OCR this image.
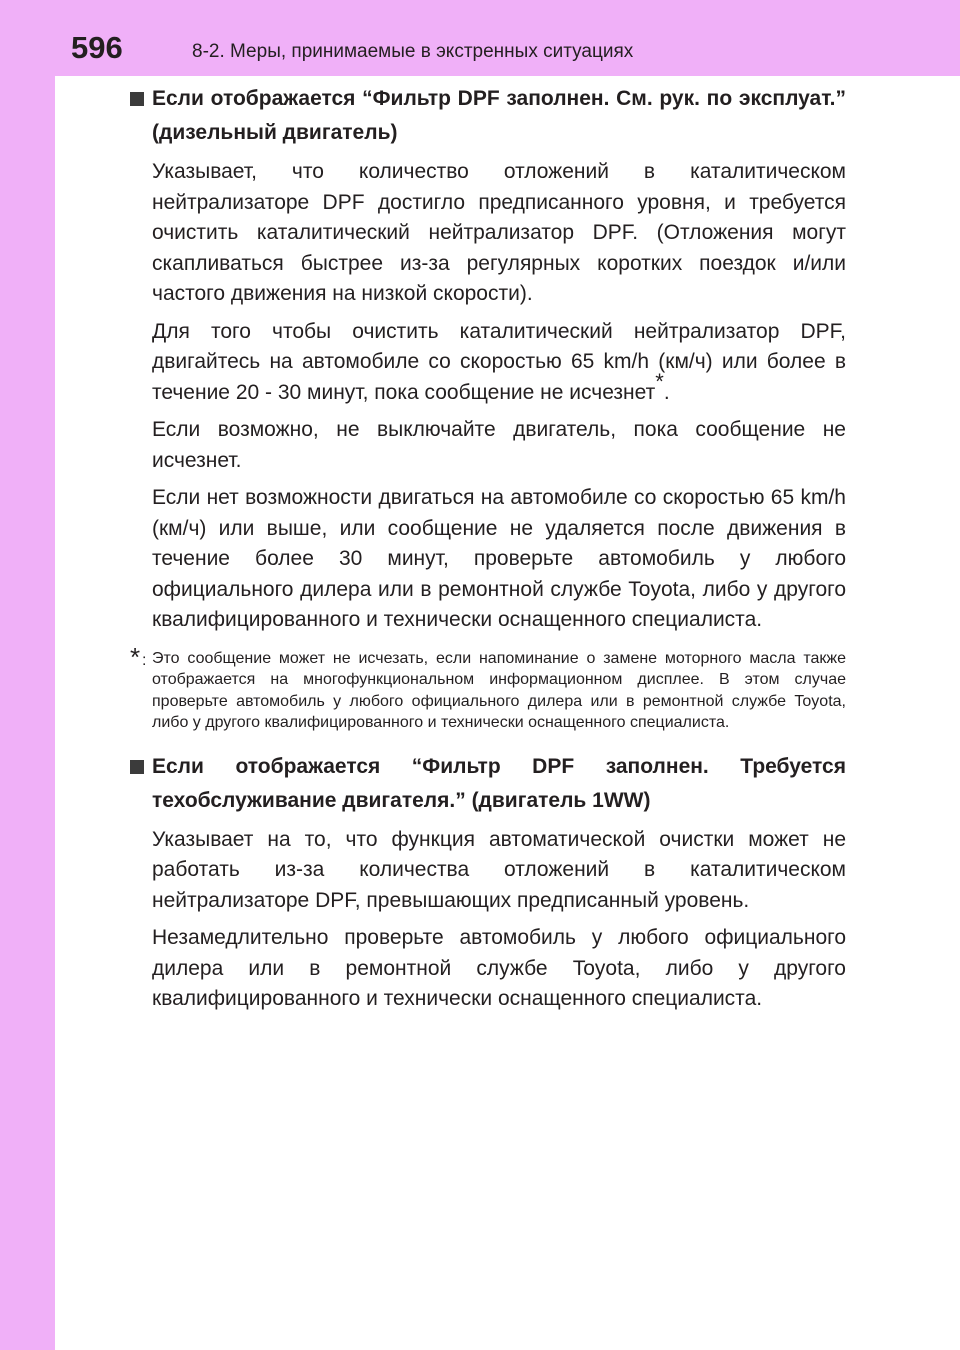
596	8-2. Меры, принимаемые в экстренных ситуациях

Если отображается “Фильтр DPF заполнен. См. рук. по эксплуат.” (дизельный двигатель)

Указывает, что количество отложений в каталитическом нейтрализаторе DPF достигло предписанного уровня, и требуется очистить каталитический нейтрализатор DPF. (Отложения могут скапливаться быстрее из-за регулярных коротких поездок и/или частого движения на низкой скорости).

Для того чтобы очистить каталитический нейтрализатор DPF, двигайтесь на автомобиле со скоростью 65 km/h (км/ч) или более в течение 20 - 30 минут, пока сообщение не исчезнет*.

Если возможно, не выключайте двигатель, пока сообщение не исчезнет.

Если нет возможности двигаться на автомобиле со скоростью 65 km/h (км/ч) или выше, или сообщение не удаляется после движения в течение более 30 минут, проверьте автомобиль у любого официального дилера или в ремонтной службе Toyota, либо у другого квалифицированного и технически оснащенного специалиста.

* : Это сообщение может не исчезать, если напоминание о замене моторного масла также отображается на многофункциональном информационном дисплее. В этом случае проверьте автомобиль у любого официального дилера или в ремонтной службе Toyota, либо у другого квалифицированного и технически оснащенного специалиста.

Если отображается “Фильтр DPF заполнен. Требуется техобслуживание двигателя.” (двигатель 1WW)

Указывает на то, что функция автоматической очистки может не работать из-за количества отложений в каталитическом нейтрализаторе DPF, превышающих предписанный уровень.

Незамедлительно проверьте автомобиль у любого официального дилера или в ремонтной службе Toyota, либо у другого квалифицированного и технически оснащенного специалиста.
